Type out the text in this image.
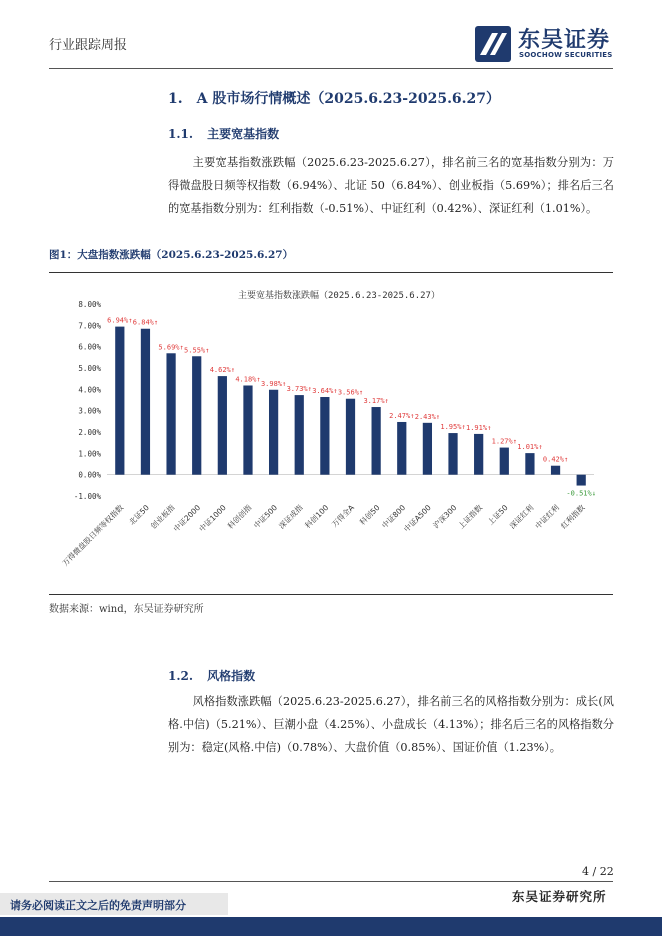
行业跟踪周报	东吴证券
SOOCHOW SECURITIES
1.　A 股市场行情概述（2025.6.23-2025.6.27）
1.1. 主要宽基指数
主要宽基指数涨跌幅（2025.6.23-2025.6.27），排名前三名的宽基指数分别为：万得微盘股日频等权指数（6.94%）、北证 50（6.84%）、创业板指（5.69%）；排名后三名的宽基指数分别为：红利指数（-0.51%）、中证红利（0.42%）、深证红利（1.01%）。
图1：大盘指数涨跌幅（2025.6.23-2025.6.27）
主要宽基指数涨跌幅（2025.6.23-2025.6.27）
-1.00%
0.00%
1.00%
2.00%
3.00%
4.00%
5.00%
6.00%
7.00%
8.00%
6.94%↑
万得微盘股日频等权指数
6.84%↑
北证50
5.69%↑
创业板指
5.55%↑
中证2000
4.62%↑
中证1000
4.18%↑
科创创指
3.98%↑
中证500
3.73%↑
深证成指
3.64%↑
科创100
3.56%↑
万得全A
3.17%↑
科创50
2.47%↑
中证800
2.43%↑
中证A500
1.95%↑
沪深300
1.91%↑
上证指数
1.27%↑
上证50
1.01%↑
深证红利
0.42%↑
中证红利
-0.51%↓
红利指数
数据来源：wind，东吴证券研究所
1.2. 风格指数
风格指数涨跌幅（2025.6.23-2025.6.27），排名前三名的风格指数分别为：成长(风格.中信)（5.21%）、巨潮小盘（4.25%）、小盘成长（4.13%）；排名后三名的风格指数分别为：稳定(风格.中信)（0.78%）、大盘价值（0.85%）、国证价值（1.23%）。
4 / 22
东吴证券研究所
请务必阅读正文之后的免责声明部分
